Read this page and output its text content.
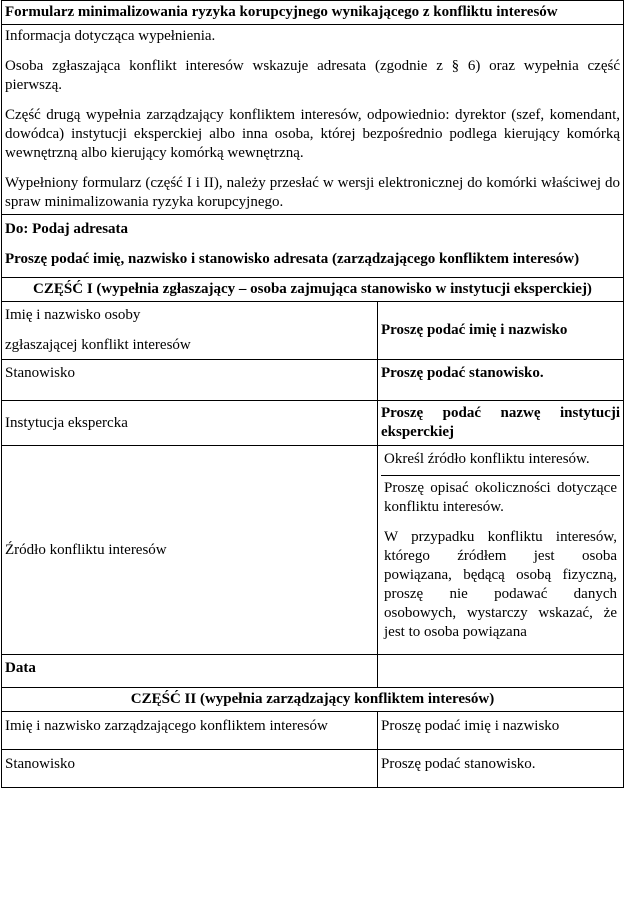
Formularz minimalizowania ryzyka korupcyjnego wynikającego z konfliktu interesów	

Informacja dotycząca wypełnienia.

Osoba zgłaszająca konflikt interesów wskazuje adresata (zgodnie z § 6) oraz wypełnia część pierwszą.

Część drugą wypełnia zarządzający konfliktem interesów, odpowiednio: dyrektor (szef, komendant, dowódca) instytucji eksperckiej albo inna osoba, której bezpośrednio podlega kierujący komórką wewnętrzną albo kierujący komórką wewnętrzną.

Wypełniony formularz (część I i II), należy przesłać w wersji elektronicznej do komórki właściwej do spraw minimalizowania ryzyka korupcyjnego.	

Do: Podaj adresata

Proszę podać imię, nazwisko i stanowisko adresata (zarządzającego konfliktem interesów)	

CZĘŚĆ I (wypełnia zgłaszający – osoba zajmująca stanowisko w instytucji eksperckiej)	

Imię i nazwisko osoby

zgłaszającej konflikt interesów	Proszę podać imię i nazwisko
Stanowisko	Proszę podać stanowisko.
Instytucja ekspercka	Proszę podać nazwę instytucji eksperckiej
Źródło konfliktu interesów	Określ źródło konfliktu interesów.

Proszę opisać okoliczności dotyczące konfliktu interesów.

W przypadku konfliktu interesów, którego źródłem jest osoba powiązana, będącą osobą fizyczną, proszę nie podawać danych osobowych, wystarczy wskazać, że jest to osoba powiązana

Data	
CZĘŚĆ II (wypełnia zarządzający konfliktem interesów)	
Imię i nazwisko zarządzającego konfliktem interesów	Proszę podać imię i nazwisko
Stanowisko	Proszę podać stanowisko.
